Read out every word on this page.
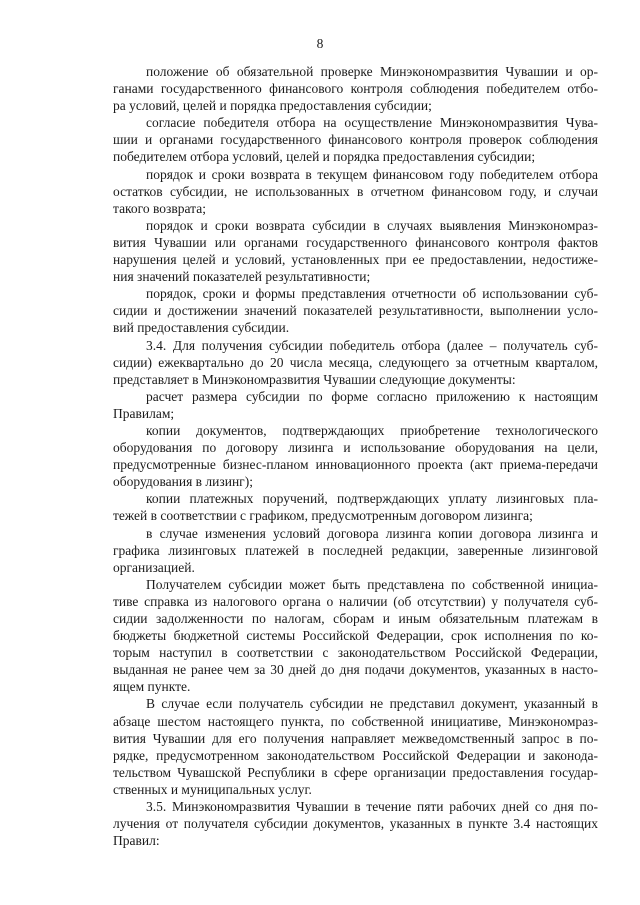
8
положение об обязательной проверке Минэкономразвития Чувашии и ор-
ганами государственного финансового контроля соблюдения победителем отбо-
ра условий, целей и порядка предоставления субсидии;
согласие победителя отбора на осуществление Минэкономразвития Чува-
шии и органами государственного финансового контроля проверок соблюдения
победителем отбора условий, целей и порядка предоставления субсидии;
порядок и сроки возврата в текущем финансовом году победителем отбора
остатков субсидии, не использованных в отчетном финансовом году, и случаи
такого возврата;
порядок и сроки возврата субсидии в случаях выявления Минэкономраз-
вития Чувашии или органами государственного финансового контроля фактов
нарушения целей и условий, установленных при ее предоставлении, недостиже-
ния значений показателей результативности;
порядок, сроки и формы представления отчетности об использовании суб-
сидии и достижении значений показателей результативности, выполнении усло-
вий предоставления субсидии.
3.4. Для получения субсидии победитель отбора (далее – получатель суб-
сидии) ежеквартально до 20 числа месяца, следующего за отчетным кварталом,
представляет в Минэкономразвития Чувашии следующие документы:
расчет размера субсидии по форме согласно приложению к настоящим
Правилам;
копии документов, подтверждающих приобретение технологического
оборудования по договору лизинга и использование оборудования на цели,
предусмотренные бизнес-планом инновационного проекта (акт приема-передачи
оборудования в лизинг);
копии платежных поручений, подтверждающих уплату лизинговых пла-
тежей в соответствии с графиком, предусмотренным договором лизинга;
в случае изменения условий договора лизинга копии договора лизинга и
графика лизинговых платежей в последней редакции, заверенные лизинговой
организацией.
Получателем субсидии может быть представлена по собственной инициа-
тиве справка из налогового органа о наличии (об отсутствии) у получателя суб-
сидии задолженности по налогам, сборам и иным обязательным платежам в
бюджеты бюджетной системы Российской Федерации, срок исполнения по ко-
торым наступил в соответствии с законодательством Российской Федерации,
выданная не ранее чем за 30 дней до дня подачи документов, указанных в насто-
ящем пункте.
В случае если получатель субсидии не представил документ, указанный в
абзаце шестом настоящего пункта, по собственной инициативе, Минэкономраз-
вития Чувашии для его получения направляет межведомственный запрос в по-
рядке, предусмотренном законодательством Российской Федерации и законода-
тельством Чувашской Республики в сфере организации предоставления государ-
ственных и муниципальных услуг.
3.5. Минэкономразвития Чувашии в течение пяти рабочих дней со дня по-
лучения от получателя субсидии документов, указанных в пункте 3.4 настоящих
Правил:
